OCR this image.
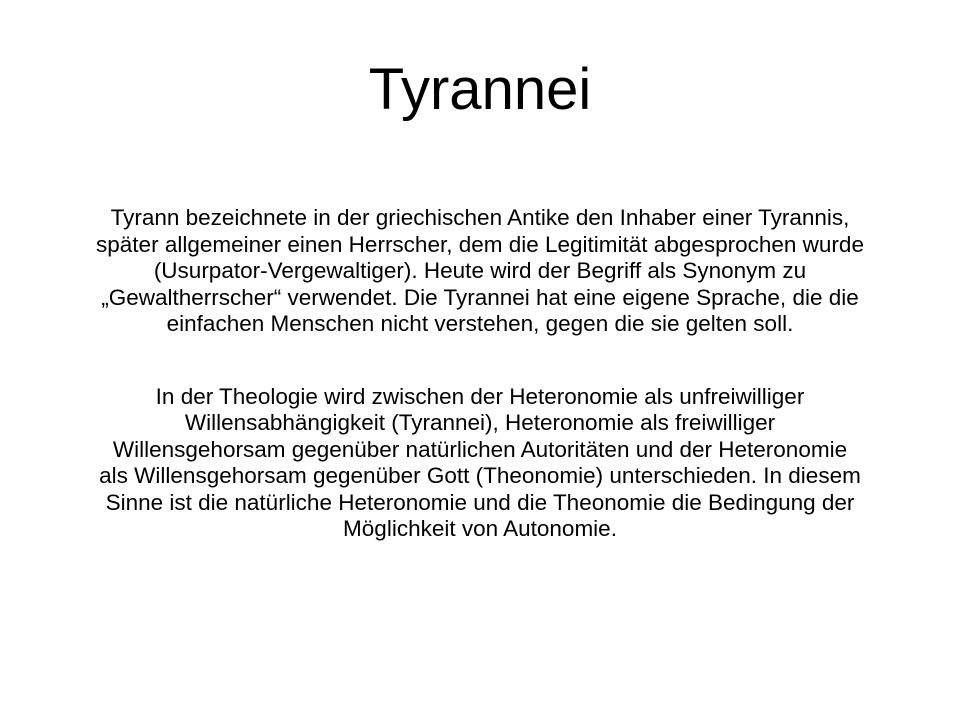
Tyrannei

Tyrann bezeichnete in der griechischen Antike den Inhaber einer Tyrannis, später allgemeiner einen Herrscher, dem die Legitimität abgesprochen wurde (Usurpator-Vergewaltiger). Heute wird der Begriff als Synonym zu „Gewaltherrscher“ verwendet. Die Tyrannei hat eine eigene Sprache, die die einfachen Menschen nicht verstehen, gegen die sie gelten soll.

In der Theologie wird zwischen der Heteronomie als unfreiwilliger Willensabhängigkeit (Tyrannei), Heteronomie als freiwilliger Willensgehorsam gegenüber natürlichen Autoritäten und der Heteronomie als Willensgehorsam gegenüber Gott (Theonomie) unterschieden. In diesem Sinne ist die natürliche Heteronomie und die Theonomie die Bedingung der Möglichkeit von Autonomie.
